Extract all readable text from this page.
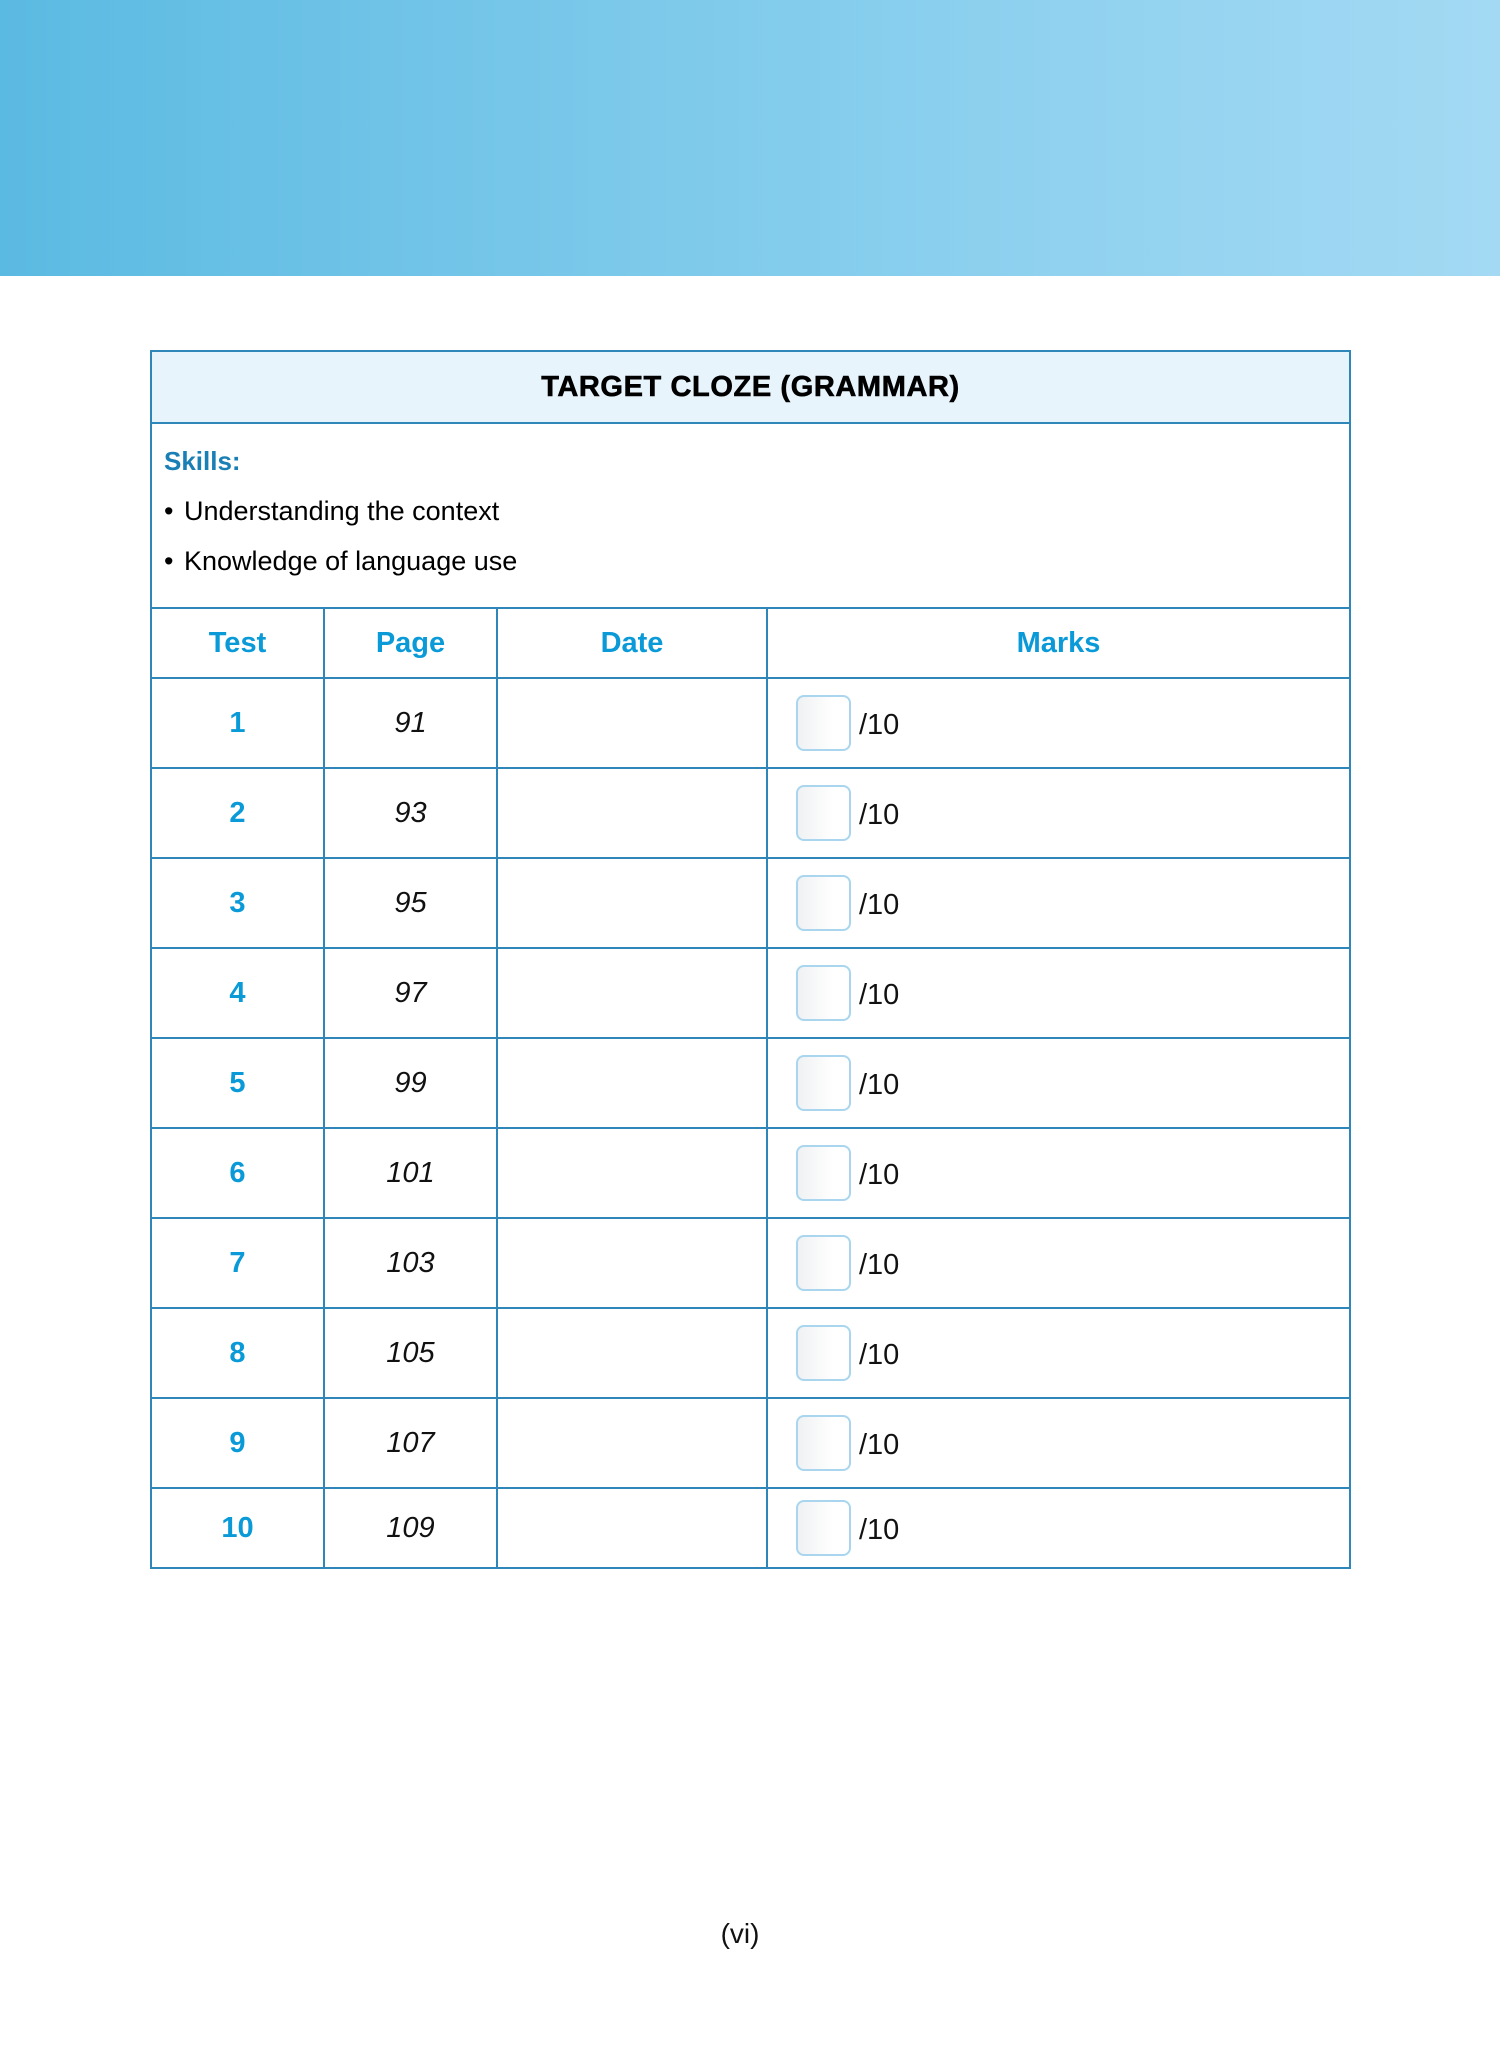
TARGET CLOZE (GRAMMAR)
Skills:
• Understanding the context
• Knowledge of language use
Test	Page	Date	Marks
1	91		/10

2	93		/10

3	95		/10

4	97		/10

5	99		/10

6	101		/10

7	103		/10

8	105		/10

9	107		/10

10	109		/10
(vi)
